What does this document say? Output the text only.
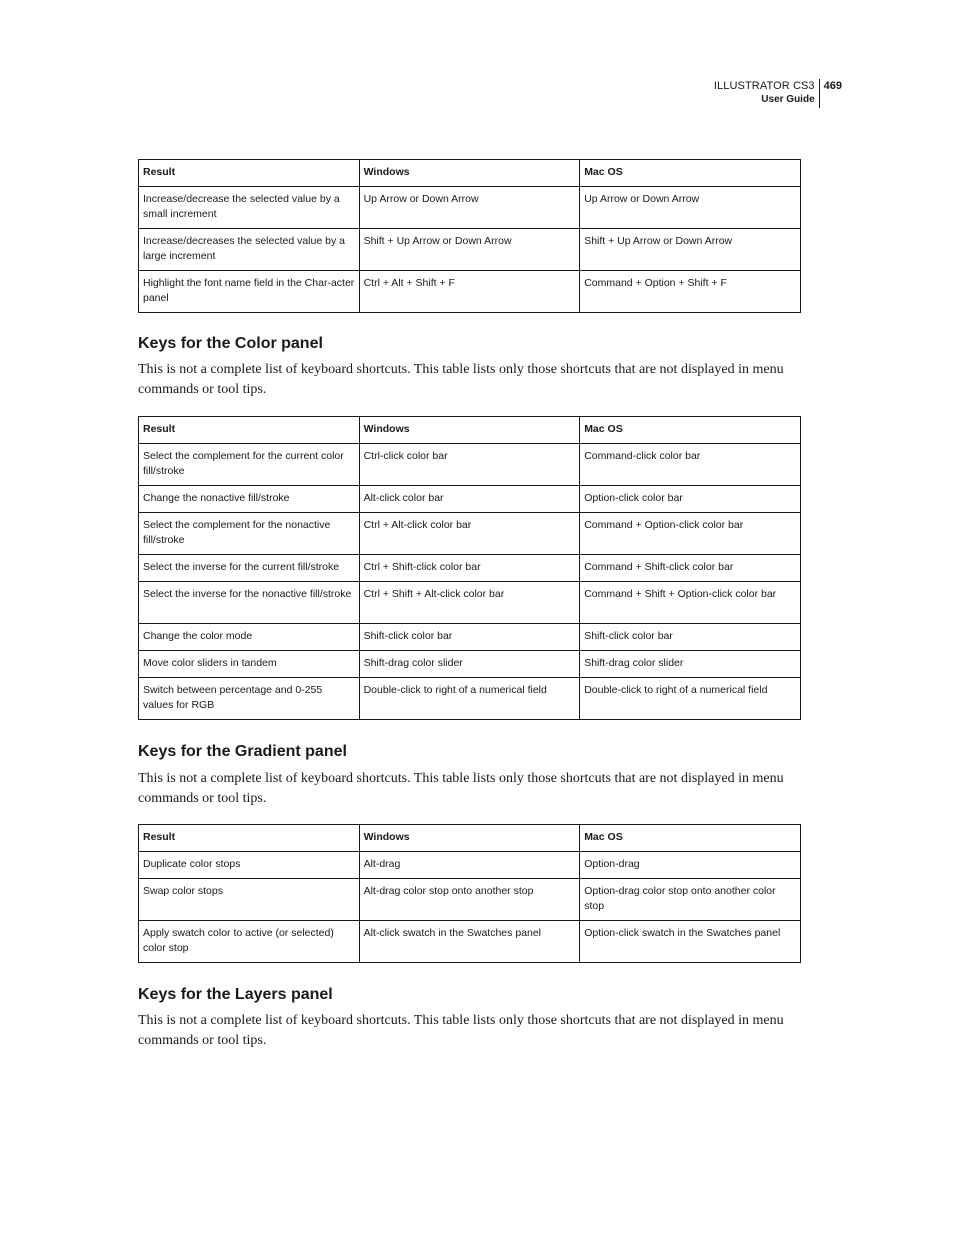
ILLUSTRATOR CS3
User Guide
469
Result	Windows	Mac OS
Increase/decrease the selected value by a small increment	Up Arrow or Down Arrow	Up Arrow or Down Arrow
Increase/decreases the selected value by a large increment	Shift + Up Arrow or Down Arrow	Shift + Up Arrow or Down Arrow
Highlight the font name field in the Char-acter panel	Ctrl + Alt + Shift + F	Command + Option + Shift + F
Keys for the Color panel

This is not a complete list of keyboard shortcuts. This table lists only those shortcuts that are not displayed in menu commands or tool tips.

Result	Windows	Mac OS
Select the complement for the current color fill/stroke	Ctrl-click color bar	Command-click color bar
Change the nonactive fill/stroke	Alt-click color bar	Option-click color bar
Select the complement for the nonactive fill/stroke	Ctrl + Alt-click color bar	Command + Option-click color bar
Select the inverse for the current fill/stroke	Ctrl + Shift-click color bar	Command + Shift-click color bar
Select the inverse for the nonactive fill/stroke	Ctrl + Shift + Alt-click color bar	Command + Shift + Option-click color bar
Change the color mode	Shift-click color bar	Shift-click color bar
Move color sliders in tandem	Shift-drag color slider	Shift-drag color slider
Switch between percentage and 0-255 values for RGB	Double-click to right of a numerical field	Double-click to right of a numerical field
Keys for the Gradient panel

This is not a complete list of keyboard shortcuts. This table lists only those shortcuts that are not displayed in menu commands or tool tips.

Result	Windows	Mac OS
Duplicate color stops	Alt-drag	Option-drag
Swap color stops	Alt-drag color stop onto another stop	Option-drag color stop onto another color stop
Apply swatch color to active (or selected) color stop	Alt-click swatch in the Swatches panel	Option-click swatch in the Swatches panel
Keys for the Layers panel

This is not a complete list of keyboard shortcuts. This table lists only those shortcuts that are not displayed in menu commands or tool tips.
